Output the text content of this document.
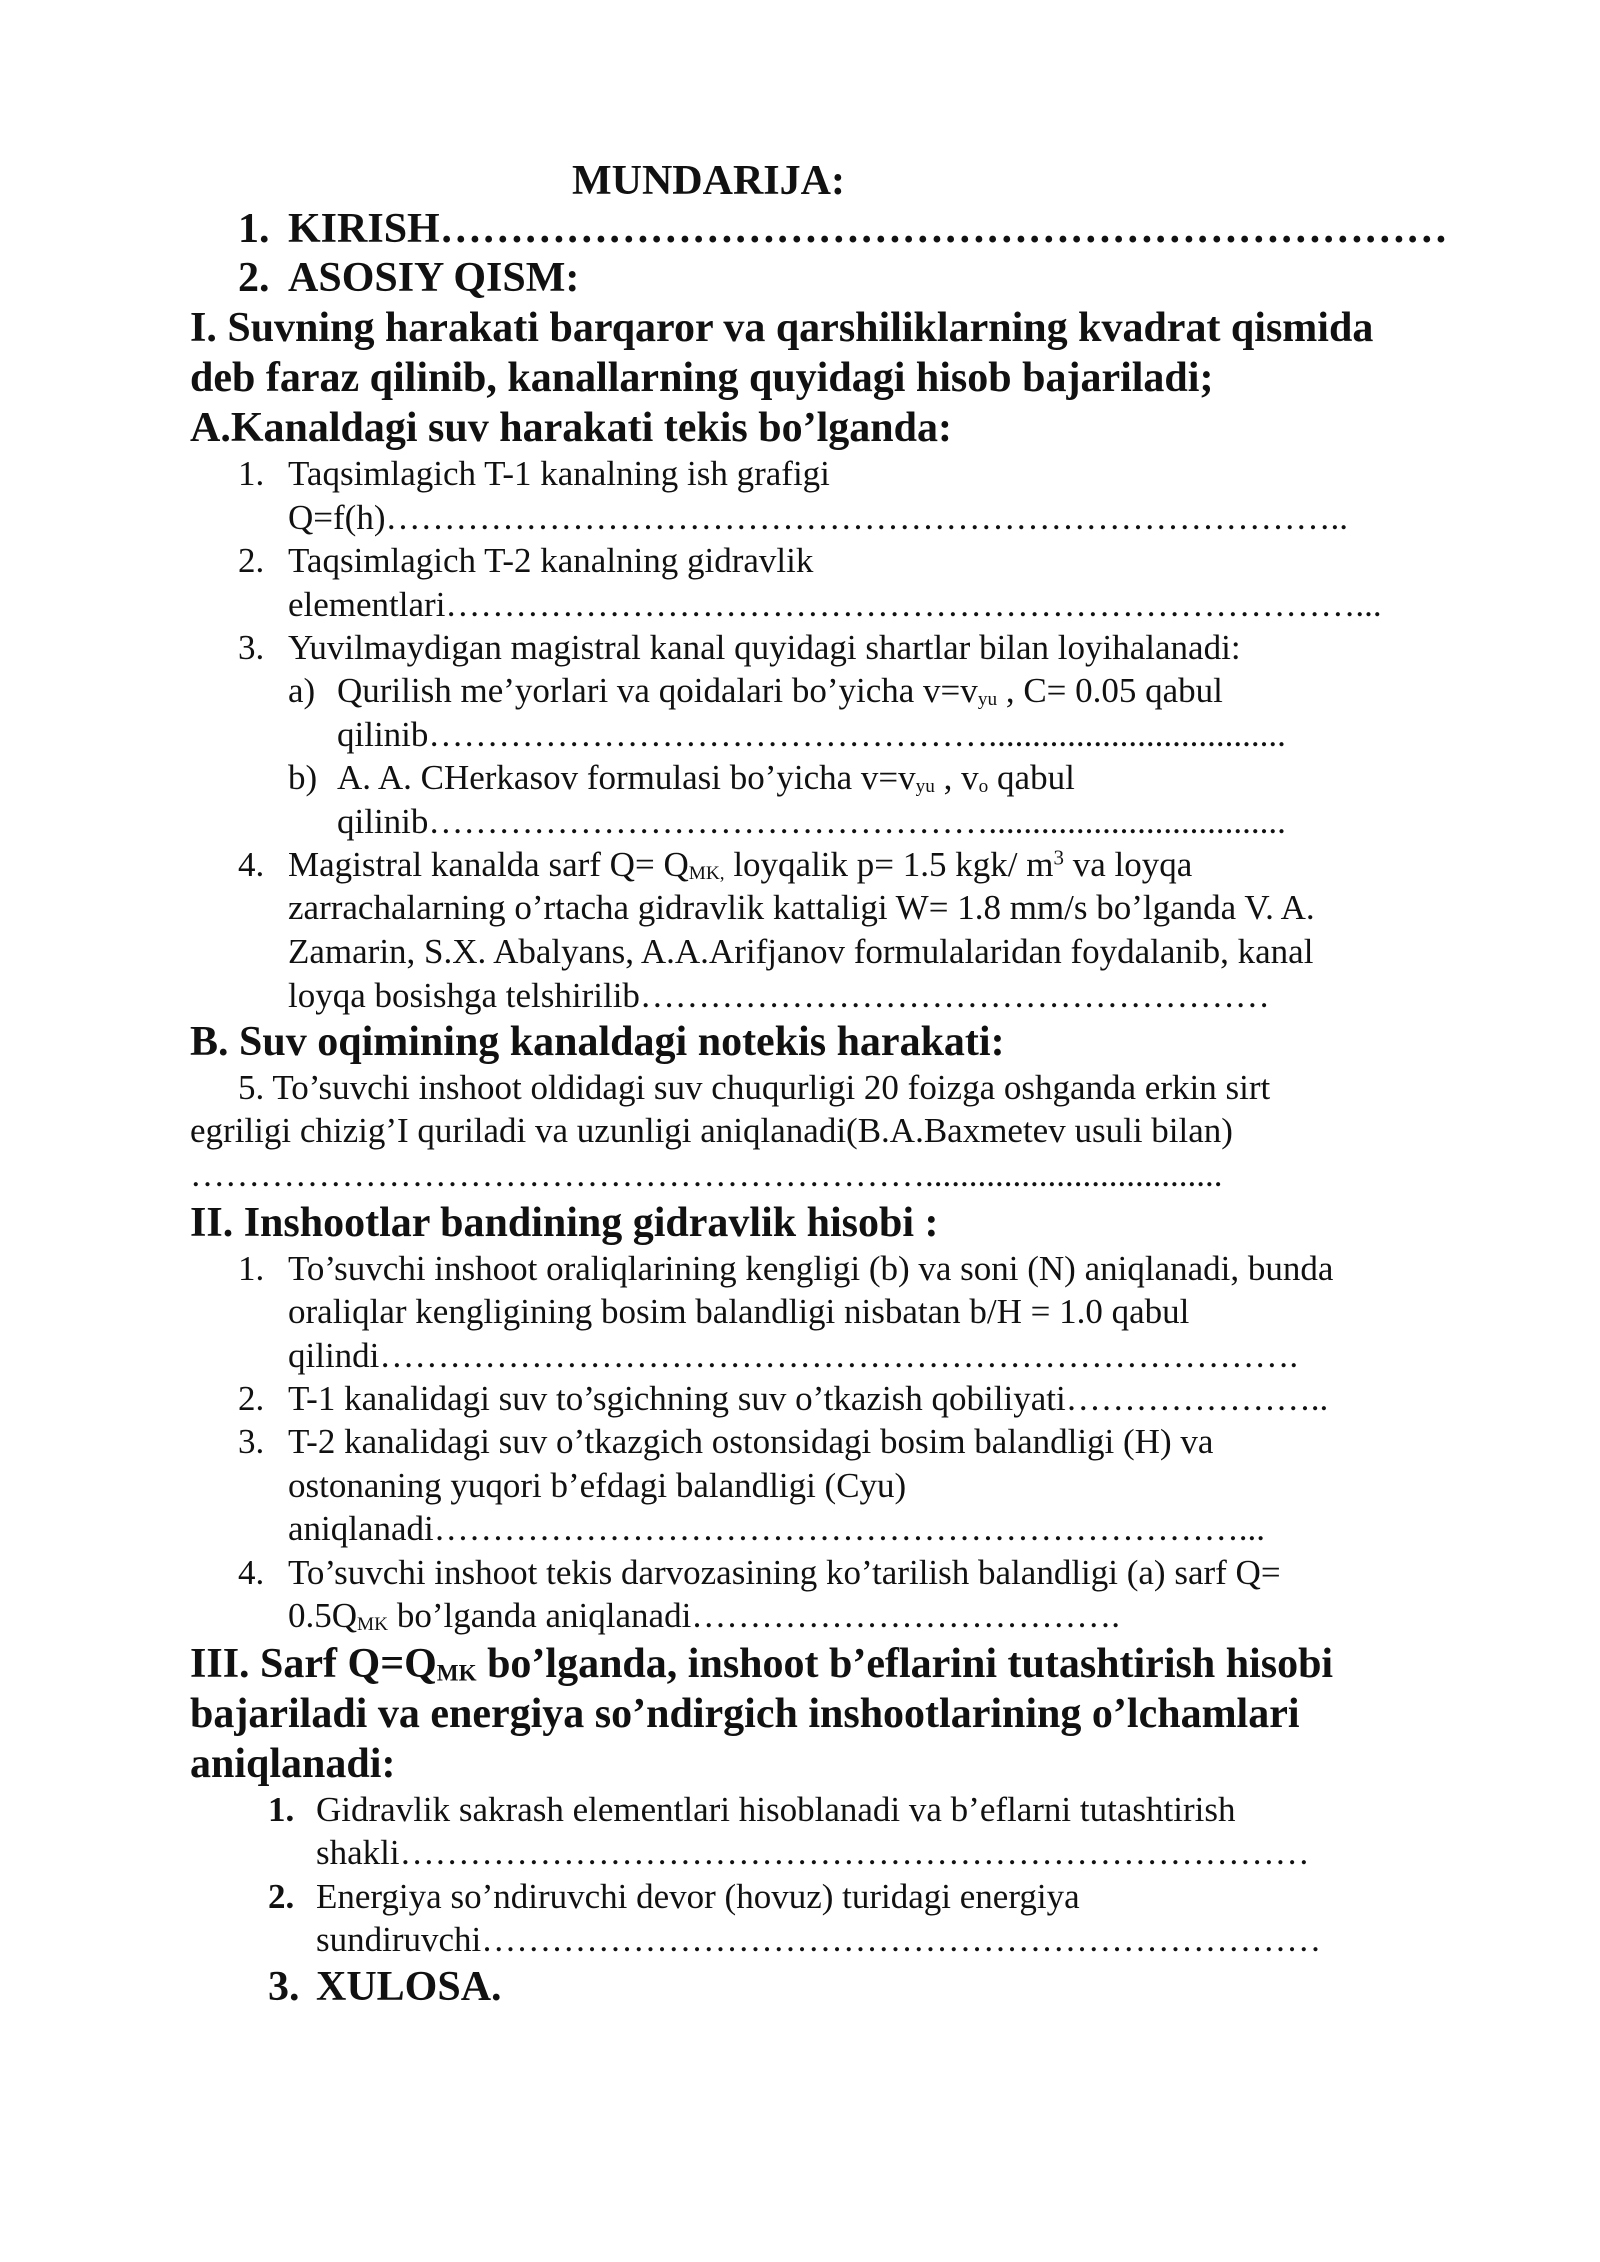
MUNDARIJA:
1. KIRISH………………………………………………………………
2. ASOSIY QISM:
I. Suvning harakati barqaror va qarshiliklarning kvadrat qismida
deb faraz qilinib, kanallarning quyidagi hisob bajariladi;
A.Kanaldagi suv harakati tekis bo’lganda:
1. Taqsimlagich T-1 kanalning ish grafigi
Q=f(h)………………………………………………………………………..
2. Taqsimlagich T-2 kanalning gidravlik
elementlari……………………………………………………………………...
3. Yuvilmaydigan magistral kanal quyidagi shartlar bilan loyihalanadi:
a) Qurilish me’yorlari va qoidalari bo’yicha $v=v_{yu}$ , C= 0.05 qabul
qilinib…………………………………………..................................
b) A. A. CHerkasov formulasi bo’yicha $v=v_{yu}$ , $v_o$ qabul
qilinib…………………………………………..................................
4. Magistral kanalda sarf $Q= Q_{MK,}$ loyqalik p= 1.5 kgk/ $m^3$ va loyqa
zarrachalarning o’rtacha gidravlik kattaligi W= 1.8 mm/s bo’lganda V. A.
Zamarin, S.X. Abalyans, A.A.Arifjanov formulalaridan foydalanib, kanal
loyqa bosishga telshirilib………………………………………………
B. Suv oqimining kanaldagi notekis harakati:
5. To’suvchi inshoot oldidagi suv chuqurligi 20 foizga oshganda erkin sirt
egriligi chizig’I quriladi va uzunligi aniqlanadi(B.A.Baxmetev usuli bilan)
………………………………………………………..................................
II. Inshootlar bandining gidravlik hisobi :
1. To’suvchi inshoot oraliqlarining kengligi (b) va soni (N) aniqlanadi, bunda
oraliqlar kengligining bosim balandligi nisbatan b/H = 1.0 qabul
qilindi…………………………………………………………………….
2. T-1 kanalidagi suv to’sgichning suv o’tkazish qobiliyati…………………..
3. T-2 kanalidagi suv o’tkazgich ostonsidagi bosim balandligi (H) va
ostonaning yuqori b’efdagi balandligi (Cyu)
aniqlanadi……………………………………………………………...
4. To’suvchi inshoot tekis darvozasining ko’tarilish balandligi (a) sarf Q=
$0.5Q_{MK}$ bo’lganda aniqlanadi……………………………….
III. Sarf $Q=Q_{MK}$ bo’lganda, inshoot b’eflarini tutashtirish hisobi
bajariladi va energiya so’ndirgich inshootlarining o’lchamlari
aniqlanadi:
1. Gidravlik sakrash elementlari hisoblanadi va b’eflarni tutashtirish
shakli……………………………………………………………………
2. Energiya so’ndiruvchi devor (hovuz) turidagi energiya
sundiruvchi………………………………………………………………
3. XULOSA.
